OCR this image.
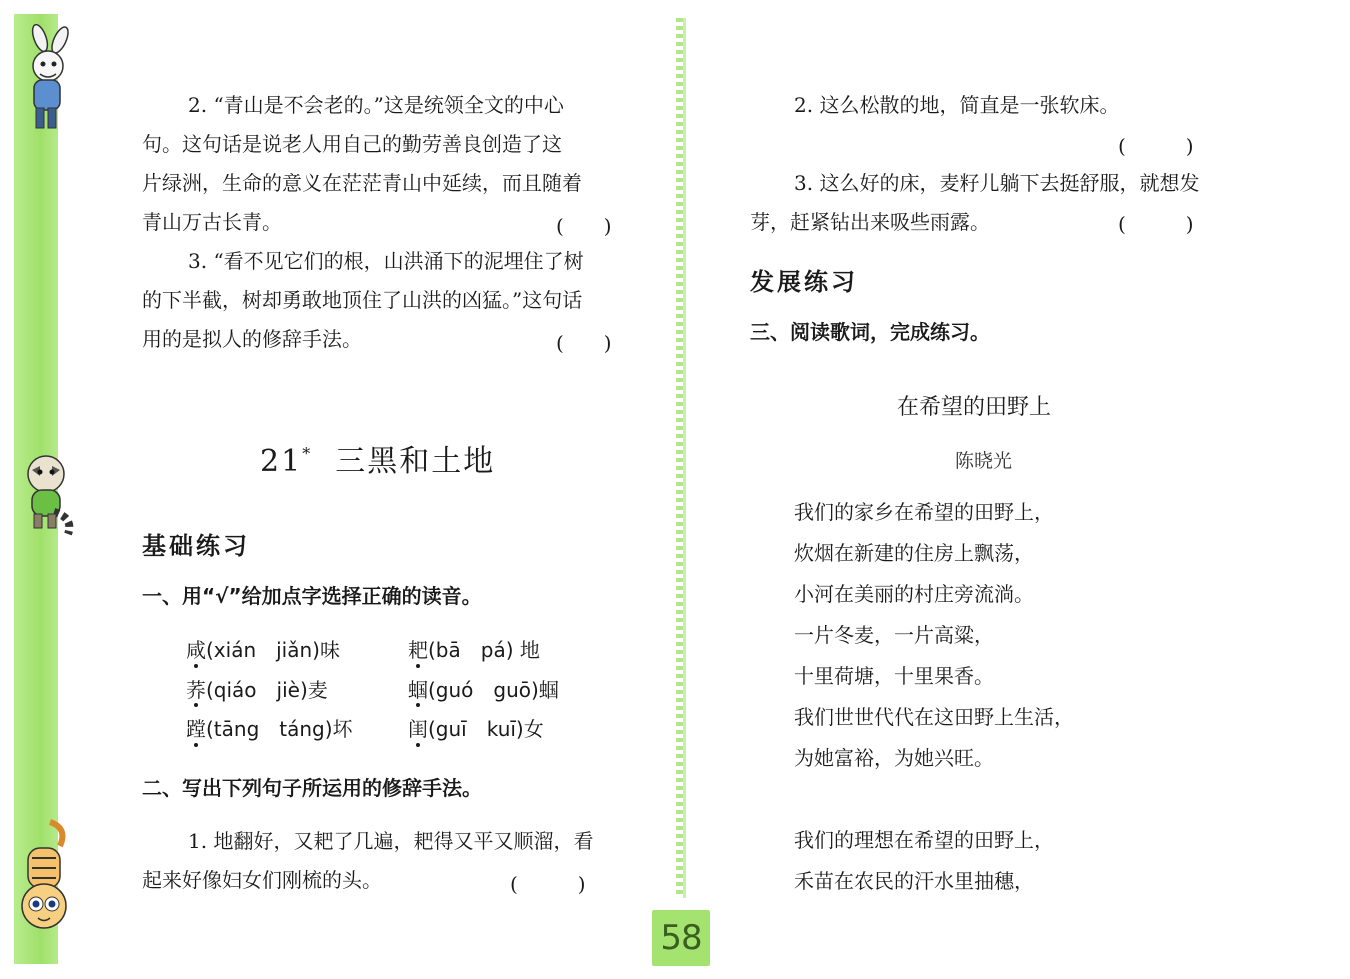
2. “青山是不会老的。”这是统领全文的中心
句。这句话是说老人用自己的勤劳善良创造了这
片绿洲，生命的意义在茫茫青山中延续，而且随着
青山万古长青。	(　　)
3. “看不见它们的根，山洪涌下的泥埋住了树
的下半截，树却勇敢地顶住了山洪的凶猛。”这句话
用的是拟人的修辞手法。	(　　)
21* 三黑和土地
基础练习
一、用“√”给加点字选择正确的读音。
咸(xián　jiǎn)味	耙(bā　pá) 地
荞(qiáo　jiè)麦	蝈(guó　guō)蝈
蹚(tāng　táng)坏	闺(guī　kuī)女
二、写出下列句子所运用的修辞手法。
1. 地翻好，又耙了几遍，耙得又平又顺溜，看
起来好像妇女们刚梳的头。	(　　　)
58
2. 这么松散的地，简直是一张软床。
(　　　)
3. 这么好的床，麦籽儿躺下去挺舒服，就想发
芽，赶紧钻出来吸些雨露。	(　　　)
发展练习
三、阅读歌词，完成练习。
在希望的田野上
陈晓光
我们的家乡在希望的田野上，
炊烟在新建的住房上飘荡，
小河在美丽的村庄旁流淌。
一片冬麦，一片高粱，
十里荷塘，十里果香。
我们世世代代在这田野上生活，
为她富裕，为她兴旺。
我们的理想在希望的田野上，
禾苗在农民的汗水里抽穗，
